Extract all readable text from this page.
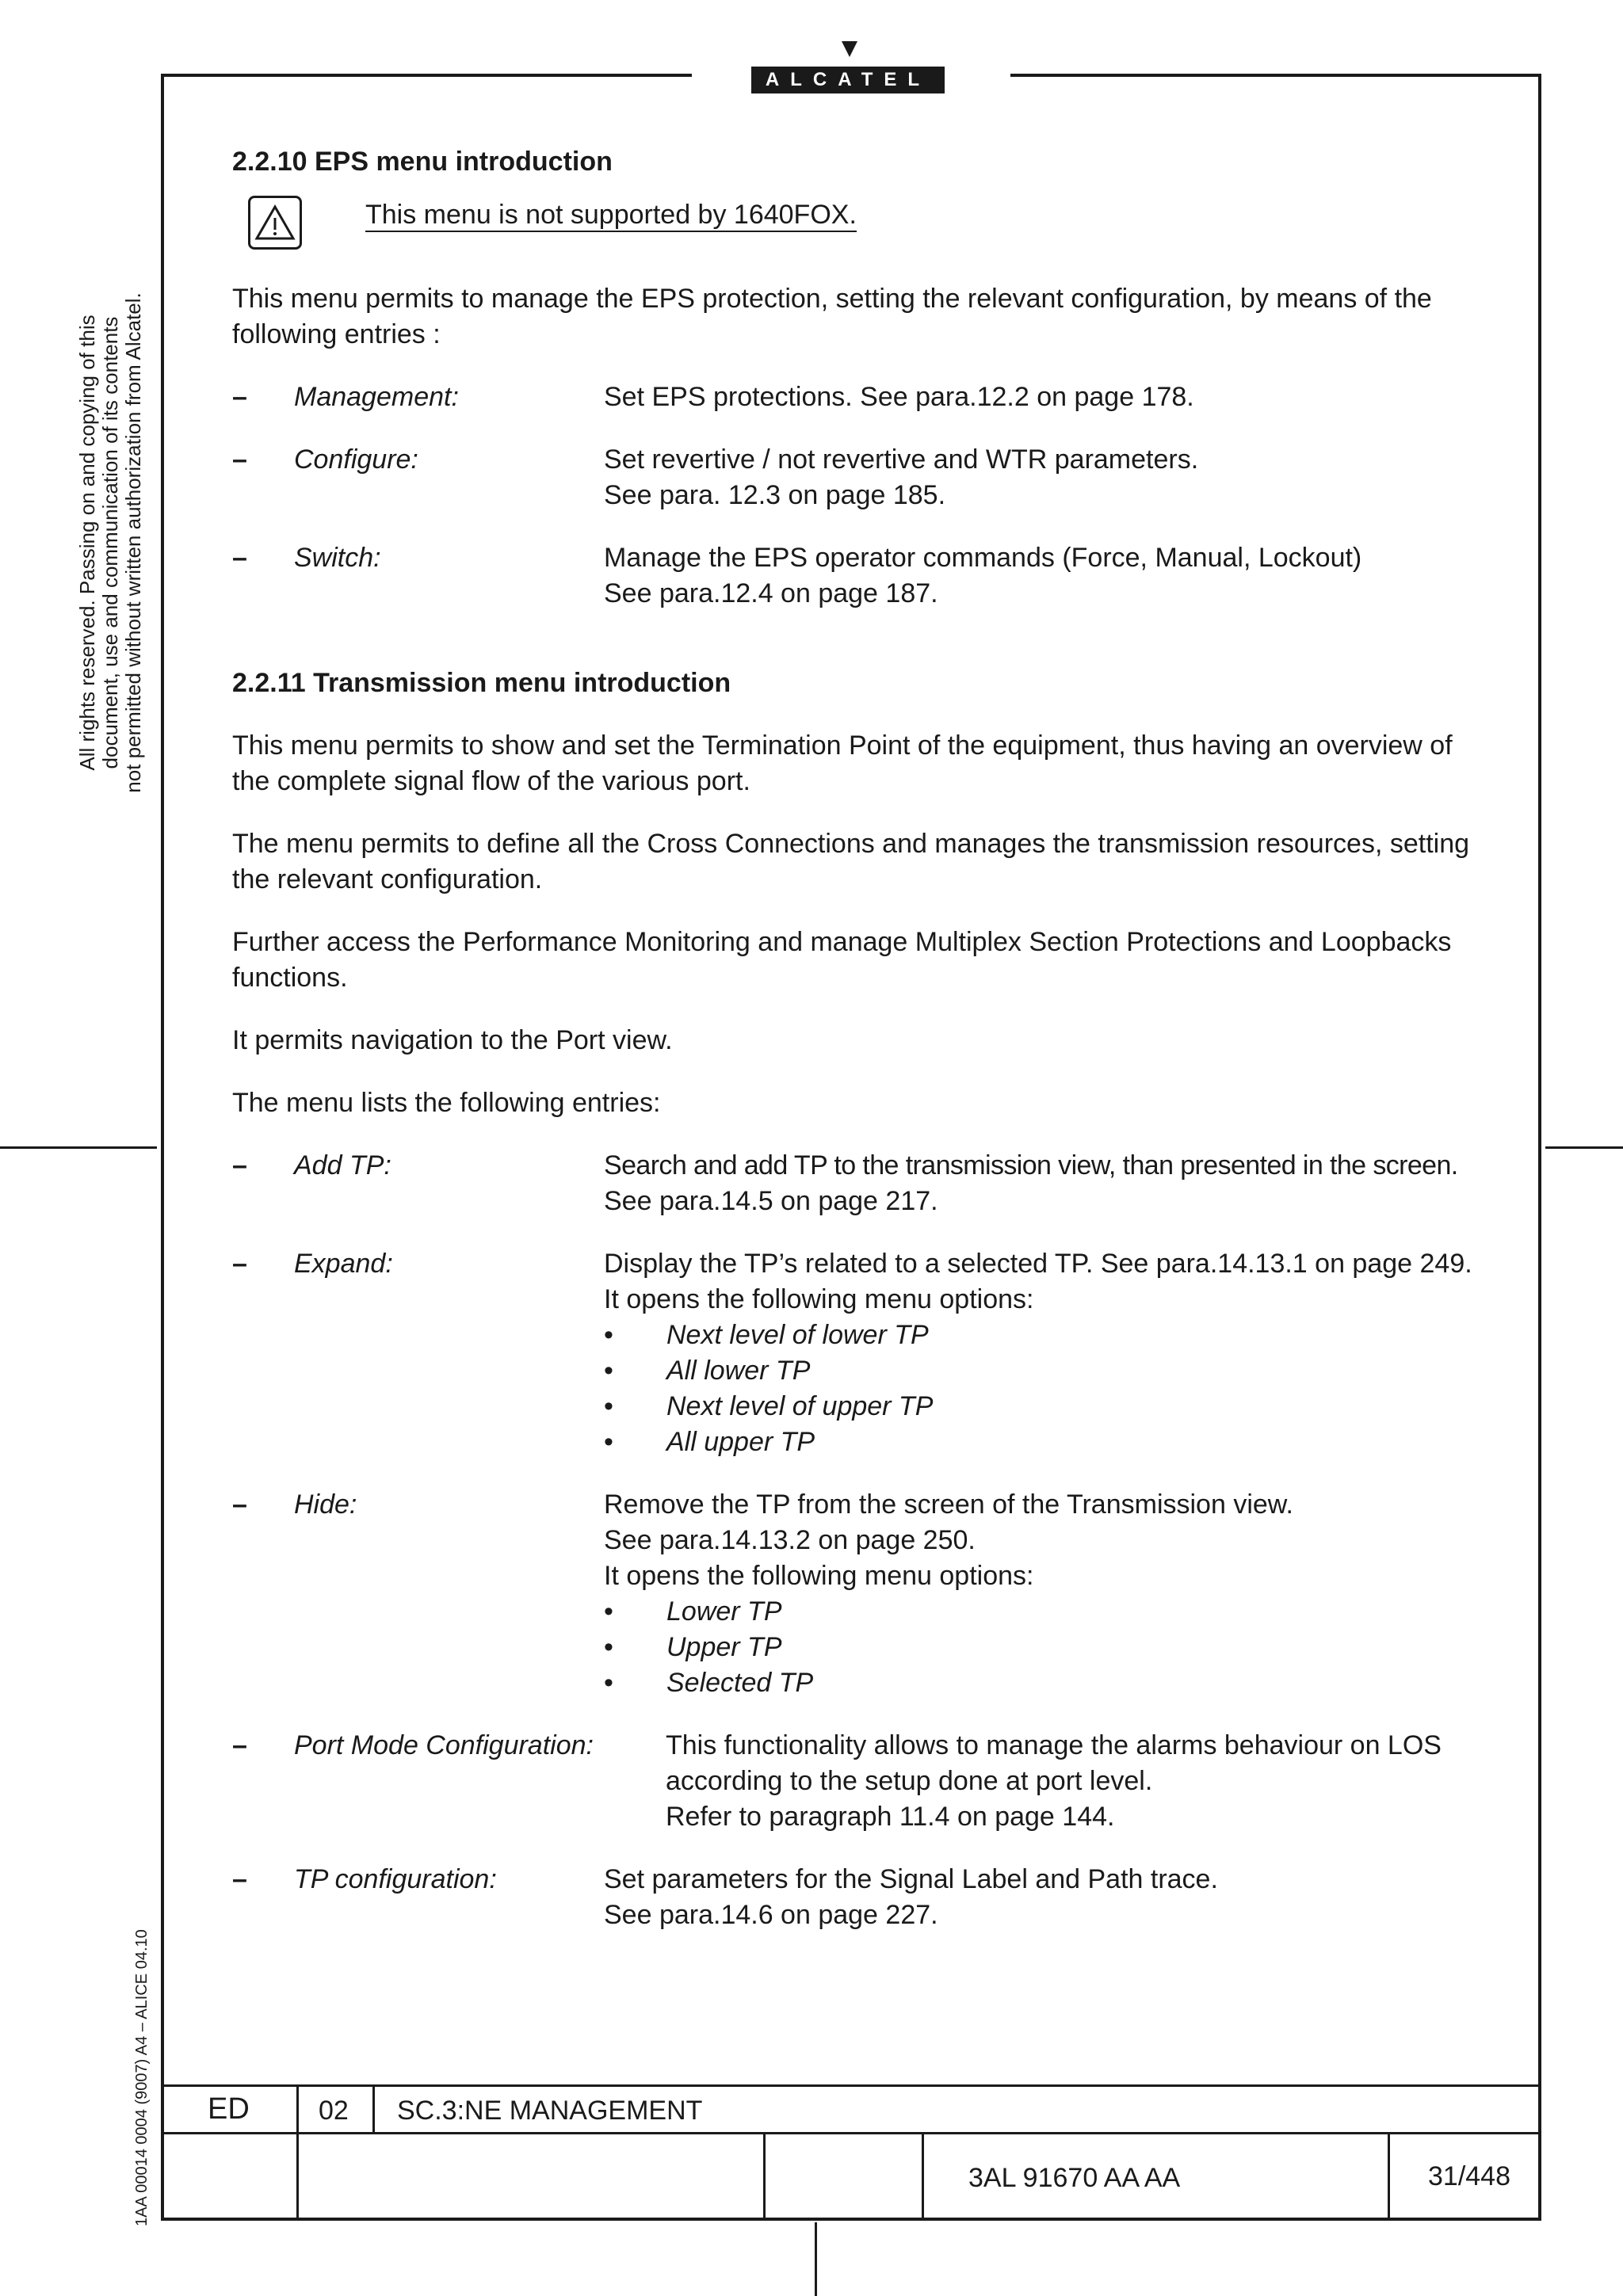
ALCATEL
All rights reserved. Passing on and copying of this document, use and communication of its contents not permitted without written authorization from Alcatel.
1AA 00014 0004 (9007) A4 – ALICE 04.10
2.2.10 EPS menu introduction
This menu is not supported by 1640FOX.

This menu permits to manage the EPS protection, setting the relevant configuration, by means of the following entries :

–	Management:	Set EPS protections. See para.12.2 on page 178.
–	Configure:	Set revertive / not revertive and WTR parameters.
See para. 12.3 on page 185.
–	Switch:	Manage the EPS operator commands (Force, Manual, Lockout)
See para.12.4 on page 187.
2.2.11 Transmission menu introduction

This menu permits to show and set the Termination Point of the equipment, thus having an overview of the complete signal flow of the various port.

The menu permits to define all the Cross Connections and manages the transmission resources, setting the relevant configuration.

Further access the Performance Monitoring and manage Multiplex Section Protections and Loopbacks functions.

It permits navigation to the Port view.

The menu lists the following entries:

–	Add TP:	Search and add TP to the transmission view, than presented in the screen.
See para.14.5 on page 217.
–	Expand:	Display the TP’s related to a selected TP. See para.14.13.1 on page 249.
It opens the following menu options:
•	Next level of lower TP
•	All lower TP
•	Next level of upper TP
•	All upper TP
–	Hide:	Remove the TP from the screen of the Transmission view.
See para.14.13.2 on page 250.
It opens the following menu options:
•	Lower TP
•	Upper TP
•	Selected TP
–	Port Mode Configuration:	This functionality allows to manage the alarms behaviour on LOS
according to the setup done at port level.
Refer to paragraph 11.4 on page 144.
–	TP configuration:	Set parameters for the Signal Label and Path trace.
See para.14.6 on page 227.
ED	02 SC.3:NE MANAGEMENT
3AL 91670 AA AA	31/448
